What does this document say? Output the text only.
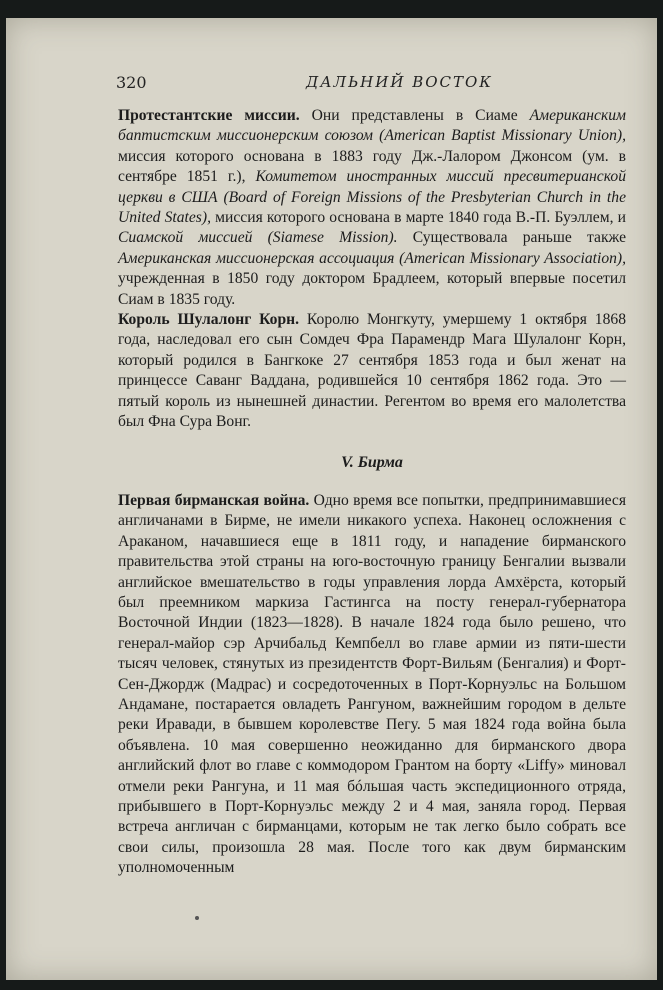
320	ДАЛЬНИЙ ВОСТОК

Протестантские миссии. Они представлены в Сиаме Американским баптистским миссионерским союзом (American Baptist Missionary Union), миссия которого основана в 1883 году Дж.-Лалором Джонсом (ум. в сентябре 1851 г.), Комитетом иностранных миссий пресвитерианской церкви в США (Board of Foreign Missions of the Presbyterian Church in the United States), миссия которого основана в марте 1840 года В.-П. Буэллем, и Сиамской миссией (Siamese Mission). Существовала раньше также Американская миссионерская ассоциация (American Missionary Association), учрежденная в 1850 году доктором Брадлеем, который впервые посетил Сиам в 1835 году.

Король Шулалонг Корн. Королю Монгкуту, умершему 1 октября 1868 года, наследовал его сын Сомдеч Фра Парамендр Мага Шулалонг Корн, который родился в Бангкоке 27 сентября 1853 года и был женат на принцессе Саванг Ваддана, родившейся 10 сентября 1862 года. Это — пятый король из нынешней династии. Регентом во время его малолетства был Фна Сура Вонг.

V. Бирма

Первая бирманская война. Одно время все попытки, предпринимавшиеся англичанами в Бирме, не имели никакого успеха. Наконец осложнения с Араканом, начавшиеся еще в 1811 году, и нападение бирманского правительства этой страны на юго-восточную границу Бенгалии вызвали английское вмешательство в годы управления лорда Амхёрста, который был преемником маркиза Гастингса на посту генерал-губернатора Восточной Индии (1823—1828). В начале 1824 года было решено, что генерал-майор сэр Арчибальд Кемпбелл во главе армии из пяти-шести тысяч человек, стянутых из президентств Форт-Вильям (Бенгалия) и Форт-Сен-Джордж (Мадрас) и сосредоточенных в Порт-Корнуэльс на Большом Андамане, постарается овладеть Рангуном, важнейшим городом в дельте реки Иравади, в бывшем королевстве Пегу. 5 мая 1824 года война была объявлена. 10 мая совершенно неожиданно для бирманского двора английский флот во главе с коммодором Грантом на борту «Liffy» миновал отмели реки Рангуна, и 11 мая бóльшая часть экспедиционного отряда, прибывшего в Порт-Корнуэльс между 2 и 4 мая, заняла город. Первая встреча англичан с бирманцами, которым не так легко было собрать все свои силы, произошла 28 мая. После того как двум бирманским уполномоченным
